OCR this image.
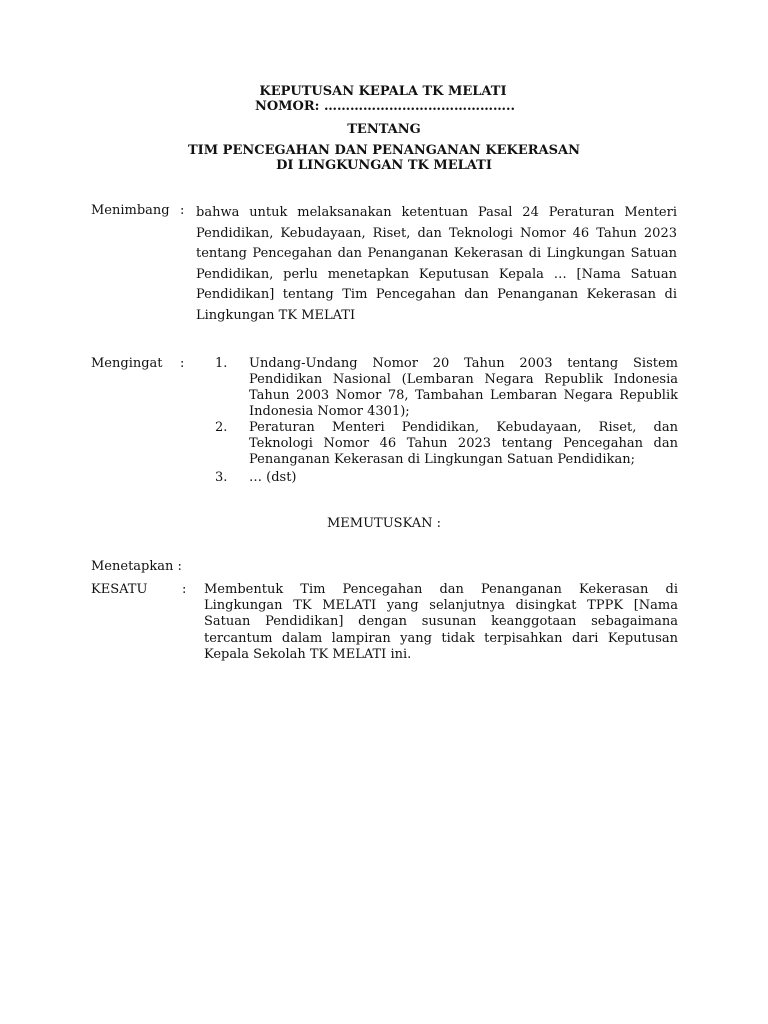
KEPUTUSAN KEPALA TK MELATI
NOMOR: ……………………………………..
TENTANG
TIM PENCEGAHAN DAN PENANGANAN KEKERASAN
DI LINGKUNGAN TK MELATI
Menimbang : bahwa untuk melaksanakan ketentuan Pasal 24 Peraturan Menteri Pendidikan, Kebudayaan, Riset, dan Teknologi Nomor 46 Tahun 2023 tentang Pencegahan dan Penanganan Kekerasan di Lingkungan Satuan Pendidikan, perlu menetapkan Keputusan Kepala … [Nama Satuan Pendidikan] tentang Tim Pencegahan dan Penanganan Kekerasan di Lingkungan TK MELATI
Mengingat : 1. Undang-Undang Nomor 20 Tahun 2003 tentang Sistem Pendidikan Nasional (Lembaran Negara Republik Indonesia Tahun 2003 Nomor 78, Tambahan Lembaran Negara Republik Indonesia Nomor 4301);
2. Peraturan Menteri Pendidikan, Kebudayaan, Riset, dan Teknologi Nomor 46 Tahun 2023 tentang Pencegahan dan Penanganan Kekerasan di Lingkungan Satuan Pendidikan;
3. … (dst)
MEMUTUSKAN :
Menetapkan :
KESATU	: Membentuk Tim Pencegahan dan Penanganan Kekerasan di Lingkungan TK MELATI yang selanjutnya disingkat TPPK [Nama Satuan Pendidikan] dengan susunan keanggotaan sebagaimana tercantum dalam lampiran yang tidak terpisahkan dari Keputusan Kepala Sekolah TK MELATI ini.
